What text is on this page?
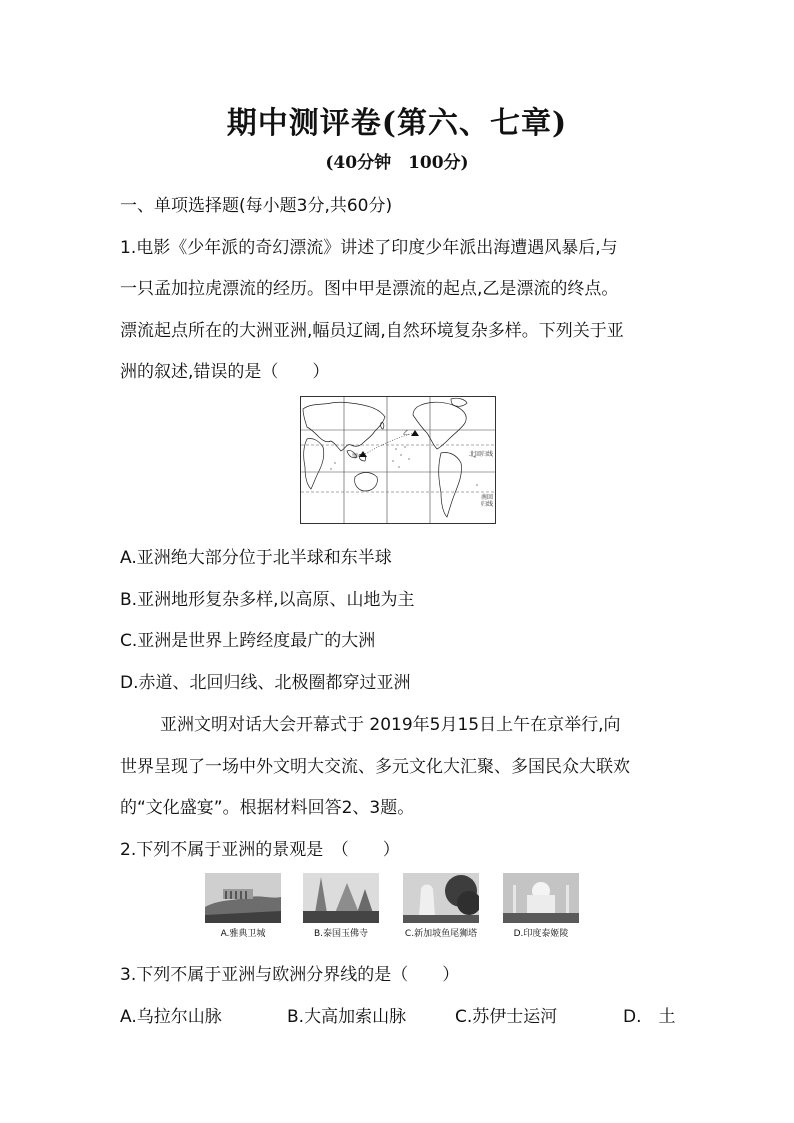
期中测评卷(第六、七章)
(40分钟　100分)
一、单项选择题(每小题3分,共60分)
1.电影《少年派的奇幻漂流》讲述了印度少年派出海遭遇风暴后,与
一只孟加拉虎漂流的经历。图中甲是漂流的起点,乙是漂流的终点。
漂流起点所在的大洲亚洲,幅员辽阔,自然环境复杂多样。下列关于亚
洲的叙述,错误的是（　　）
甲
乙
北回归线
南回归线
A.亚洲绝大部分位于北半球和东半球
B.亚洲地形复杂多样,以高原、山地为主
C.亚洲是世界上跨经度最广的大洲
D.赤道、北回归线、北极圈都穿过亚洲
亚洲文明对话大会开幕式于 2019年5月15日上午在京举行,向
世界呈现了一场中外文明大交流、多元文化大汇聚、多国民众大联欢
的“文化盛宴”。根据材料回答2、3题。
2.下列不属于亚洲的景观是　（　　）
A.雅典卫城	B.泰国玉佛寺	C.新加坡鱼尾狮塔	D.印度泰姬陵
3.下列不属于亚洲与欧洲分界线的是（　　）
A.乌拉尔山脉	B.大高加索山脉	C.苏伊士运河	D.　土
